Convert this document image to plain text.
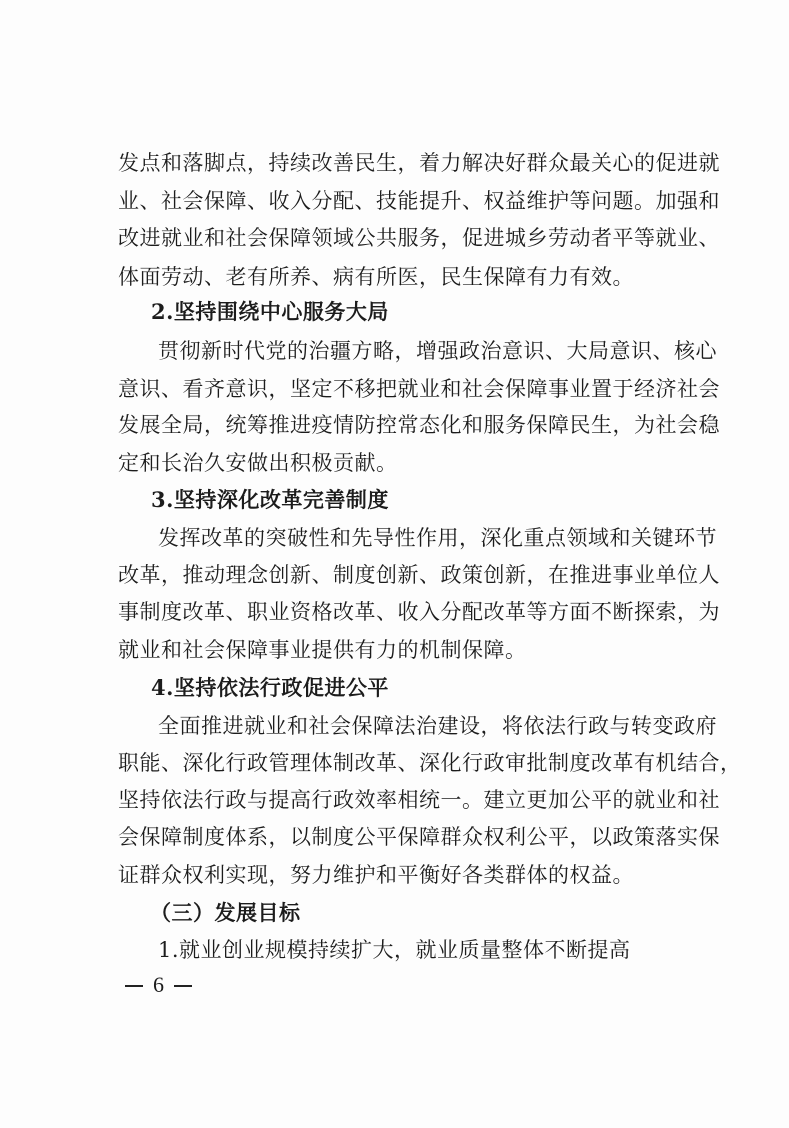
发点和落脚点，持续改善民生，着力解决好群众最关心的促进就
业、社会保障、收入分配、技能提升、权益维护等问题。加强和
改进就业和社会保障领域公共服务，促进城乡劳动者平等就业、
体面劳动、老有所养、病有所医，民生保障有力有效。
2.坚持围绕中心服务大局
贯彻新时代党的治疆方略，增强政治意识、大局意识、核心
意识、看齐意识，坚定不移把就业和社会保障事业置于经济社会
发展全局，统筹推进疫情防控常态化和服务保障民生，为社会稳
定和长治久安做出积极贡献。
3.坚持深化改革完善制度
发挥改革的突破性和先导性作用，深化重点领域和关键环节
改革，推动理念创新、制度创新、政策创新，在推进事业单位人
事制度改革、职业资格改革、收入分配改革等方面不断探索，为
就业和社会保障事业提供有力的机制保障。
4.坚持依法行政促进公平
全面推进就业和社会保障法治建设，将依法行政与转变政府
职能、深化行政管理体制改革、深化行政审批制度改革有机结合，
坚持依法行政与提高行政效率相统一。建立更加公平的就业和社
会保障制度体系，以制度公平保障群众权利公平，以政策落实保
证群众权利实现，努力维护和平衡好各类群体的权益。
（三）发展目标
1.就业创业规模持续扩大，就业质量整体不断提高
6
